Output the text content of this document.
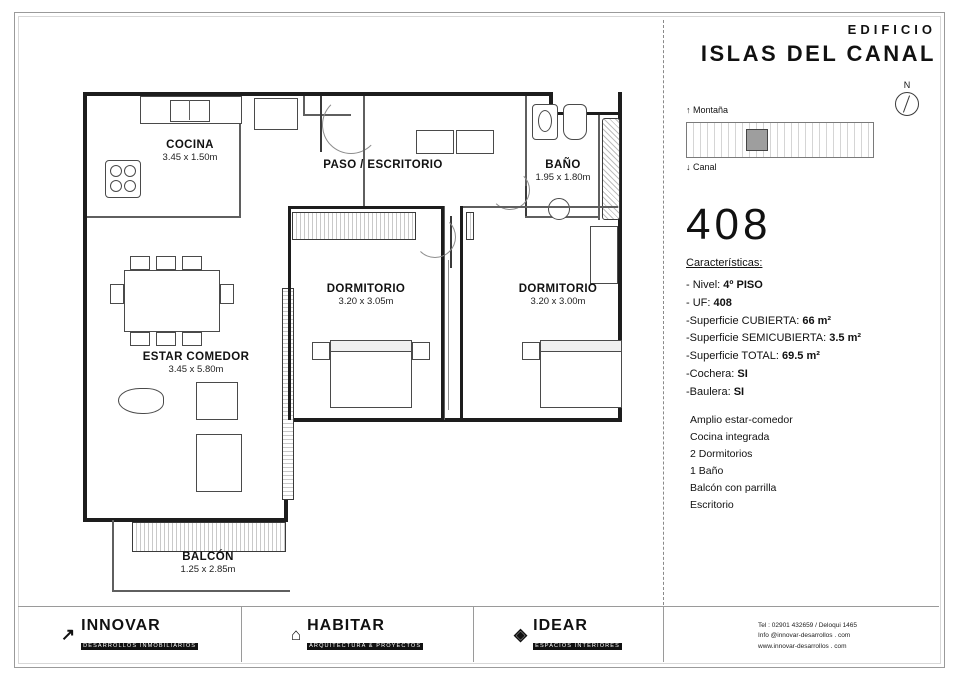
COCINA
3.45 x 1.50m
PASO / ESCRITORIO	BAÑO
1.95 x 1.80m
ESTAR COMEDOR
3.45 x 5.80m
BALCÓN
1.25 x 2.85m
DORMITORIO
3.20 x 3.05m
DORMITORIO
3.20 x 3.00m
EDIFICIO
ISLAS DEL CANAL
N
↑ Montaña
↓ Canal
408
Características:
- Nivel: 4º PISO
- UF: 408
-Superficie CUBIERTA: 66 m²
-Superficie SEMICUBIERTA: 3.5 m²
-Superficie TOTAL: 69.5 m²
-Cochera: SI
-Baulera: SI
Amplio estar-comedor
Cocina integrada
2 Dormitorios
1 Baño
Balcón con parrilla
Escritorio
↗ INNOVAR
DESARROLLOS INMOBILIARIOS
⌂ HABITAR
ARQUITECTURA & PROYECTOS
◈ IDEAR
ESPACIOS INTERIORES
Tel : 02901 432659 / Deloqui 1465
Info @innovar-desarrollos . com
www.innovar-desarrollos . com
